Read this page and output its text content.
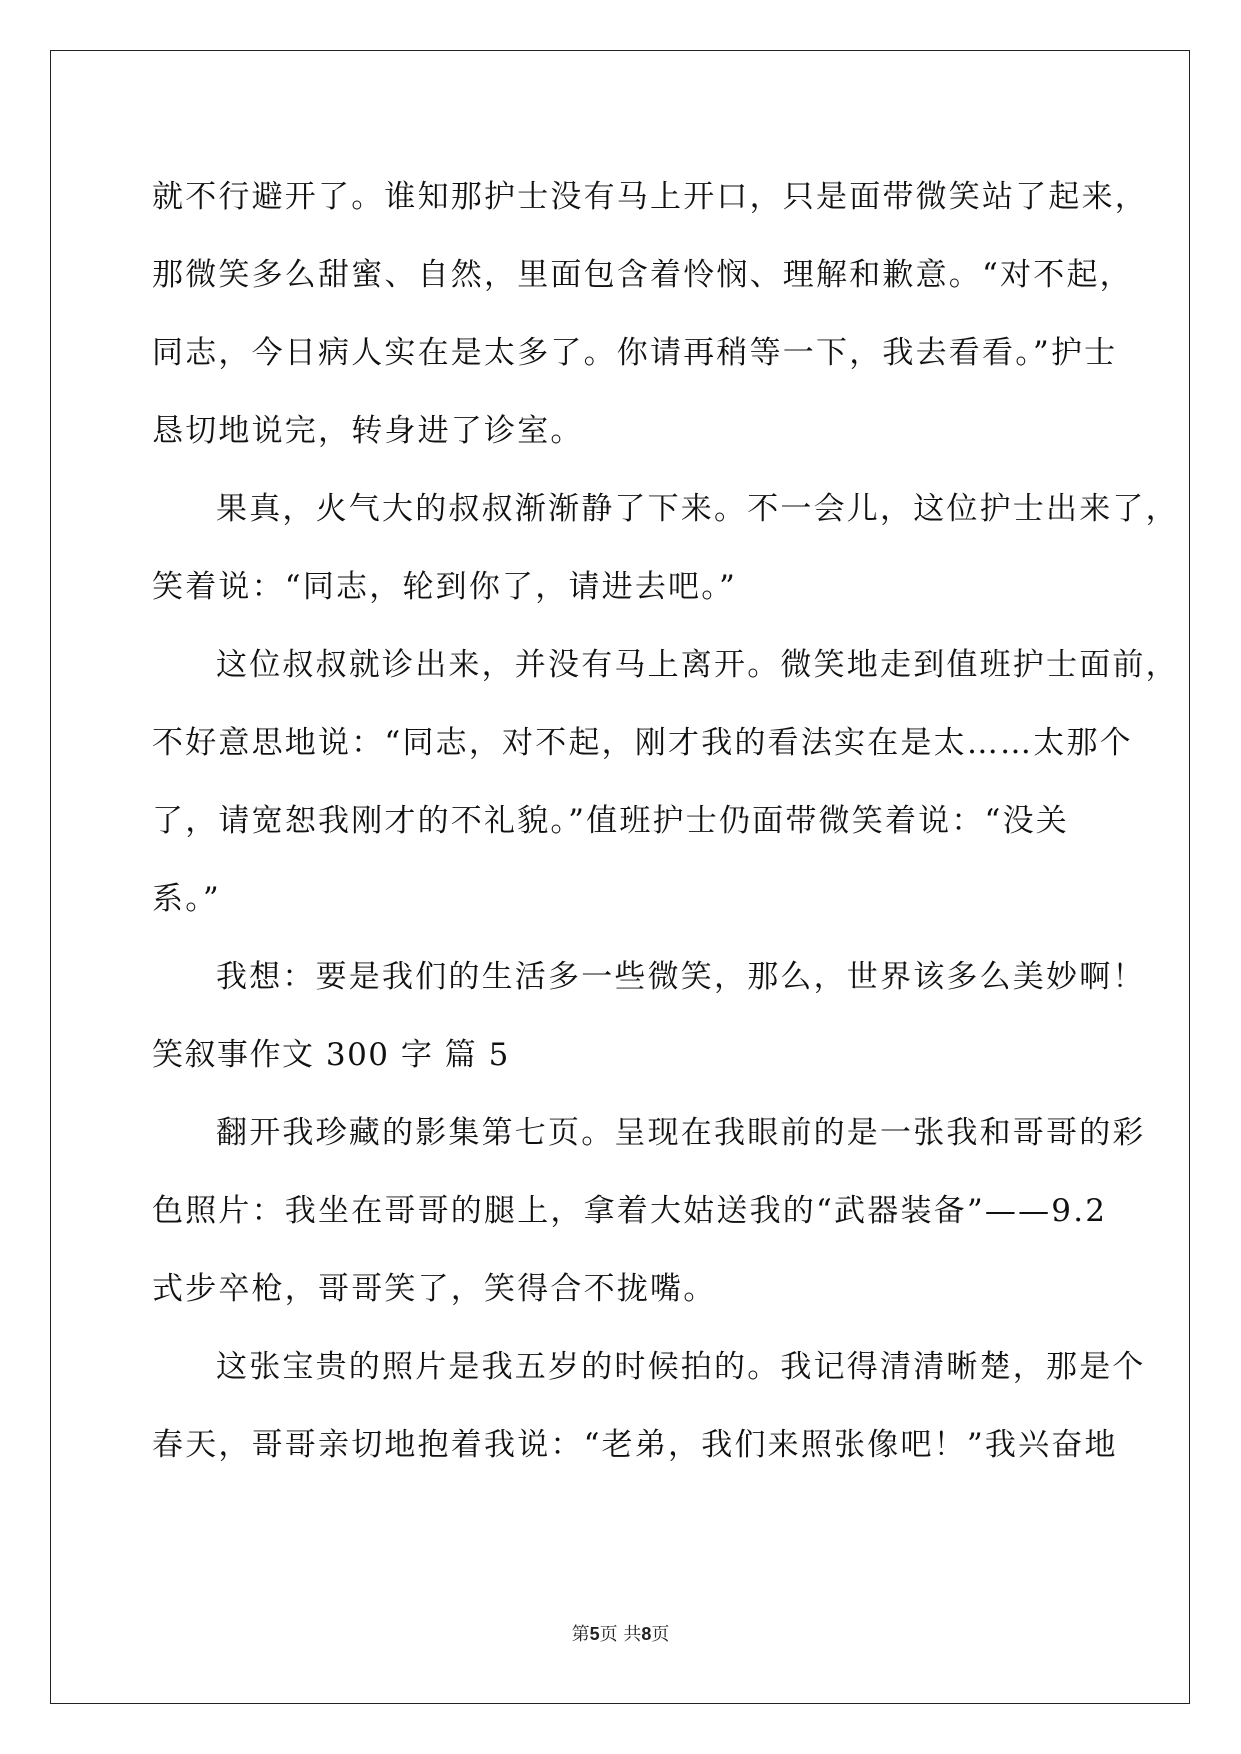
就不行避开了。谁知那护士没有马上开口，只是面带微笑站了起来，
那微笑多么甜蜜、自然，里面包含着怜悯、理解和歉意。“对不起，
同志，今日病人实在是太多了。你请再稍等一下，我去看看。”护士
恳切地说完，转身进了诊室。
果真，火气大的叔叔渐渐静了下来。不一会儿，这位护士出来了，
笑着说：“同志，轮到你了，请进去吧。”
这位叔叔就诊出来，并没有马上离开。微笑地走到值班护士面前，
不好意思地说：“同志，对不起，刚才我的看法实在是太……太那个
了，请宽恕我刚才的不礼貌。”值班护士仍面带微笑着说：“没关
系。”
我想：要是我们的生活多一些微笑，那么，世界该多么美妙啊！
笑叙事作文 300 字 篇 5
翻开我珍藏的影集第七页。呈现在我眼前的是一张我和哥哥的彩
色照片：我坐在哥哥的腿上，拿着大姑送我的“武器装备”——9.2
式步卒枪，哥哥笑了，笑得合不拢嘴。
这张宝贵的照片是我五岁的时候拍的。我记得清清晰楚，那是个
春天，哥哥亲切地抱着我说：“老弟，我们来照张像吧！”我兴奋地
第5页 共8页
